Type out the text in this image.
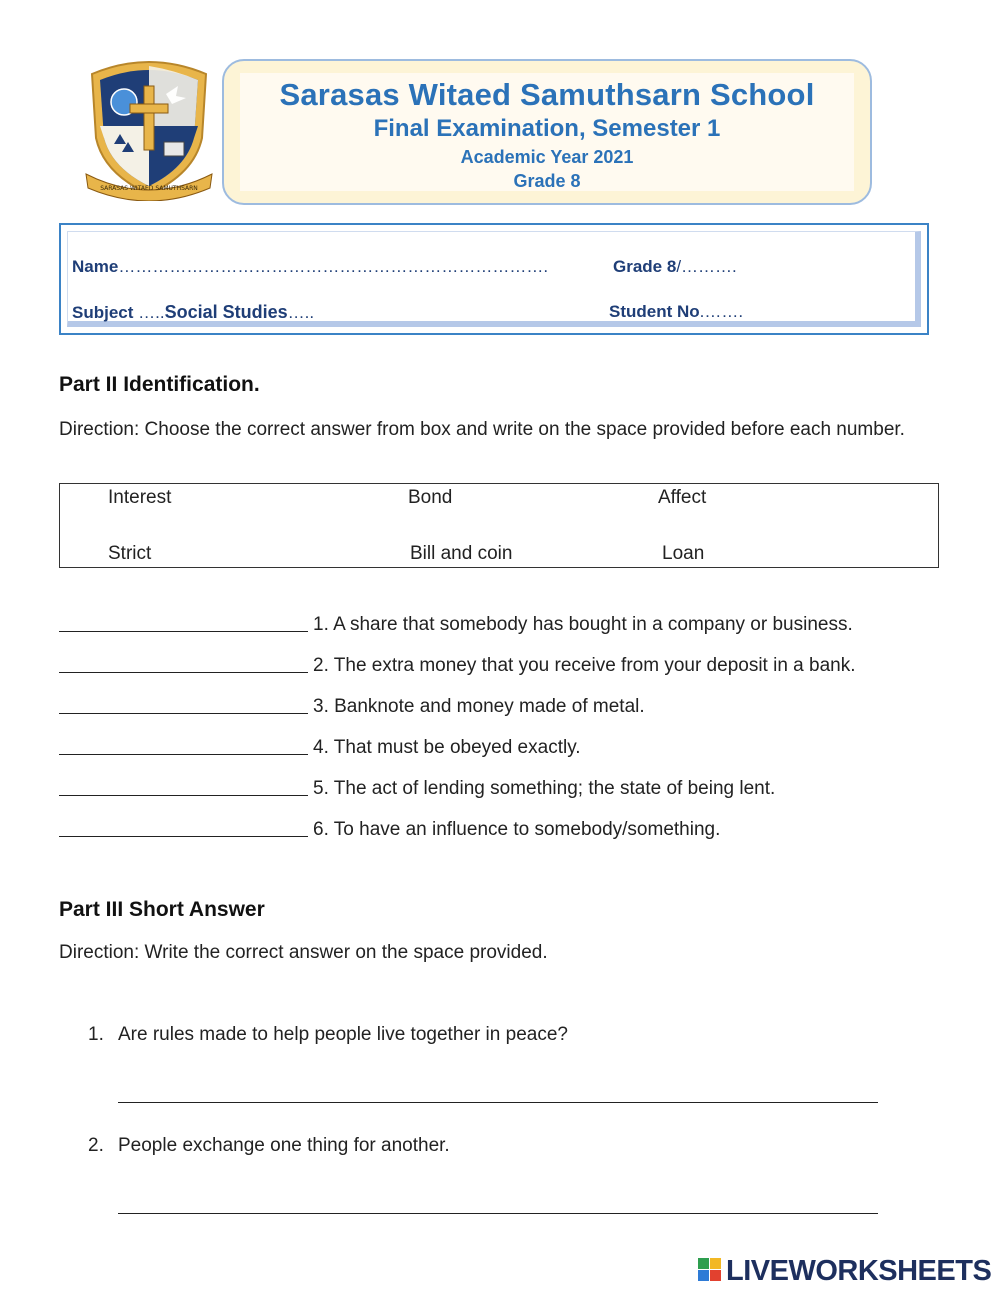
SARASAS WITAED SAMUTHSARN
Sarasas Witaed Samuthsarn School
Final Examination, Semester 1
Academic Year 2021
Grade 8
Name………………………………………………………………….	Grade 8/……….
Subject …..Social Studies…..	Student No.…….
Part II Identification.
Direction: Choose the correct answer from box and write on the space provided before each number.
Interest	Bond	Affect
Strict	Bill and coin	Loan
1. A share that somebody has bought in a company or business.
2. The extra money that you receive from your deposit in a bank.
3. Banknote and money made of metal.
4. That must be obeyed exactly.
5. The act of lending something; the state of being lent.
6. To have an influence to somebody/something.
Part III Short Answer
Direction: Write the correct answer on the space provided.
1. Are rules made to help people live together in peace?
2. People exchange one thing for another.
LIVEWORKSHEETS
